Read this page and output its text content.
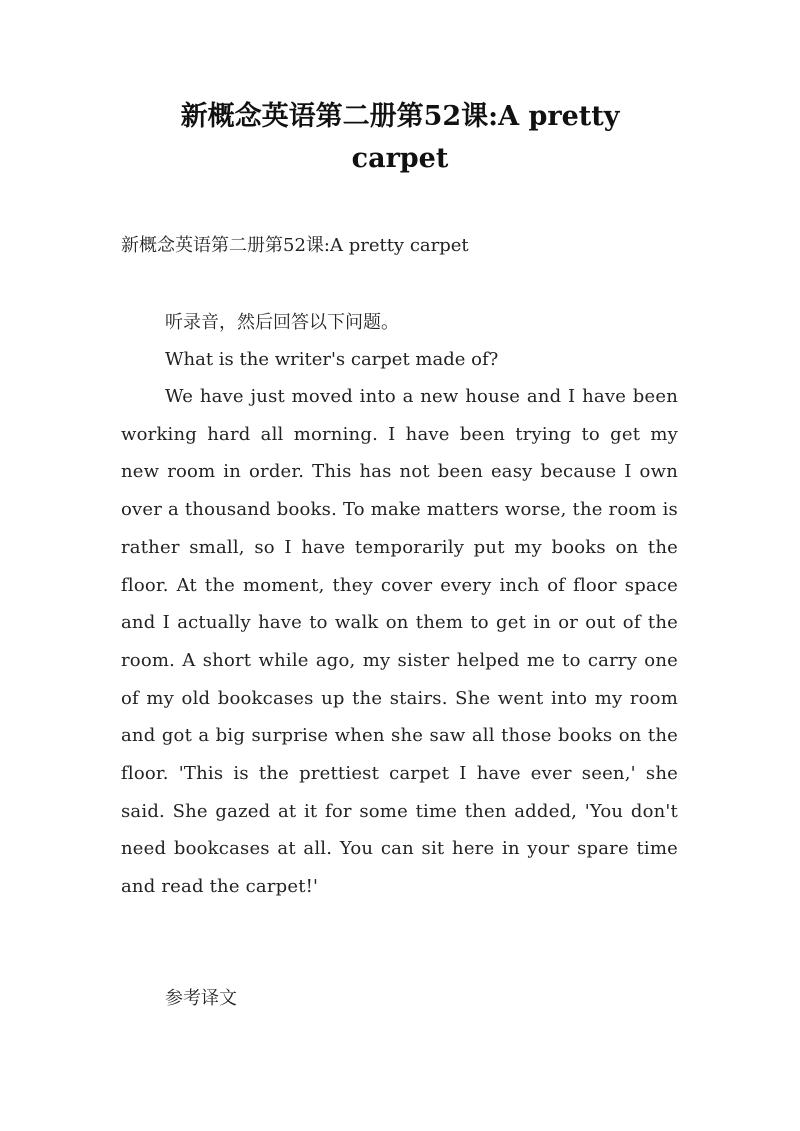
新概念英语第二册第52课:A pretty carpet

新概念英语第二册第52课:A pretty carpet

听录音，然后回答以下问题。

What is the writer's carpet made of?

We have just moved into a new house and I have been working hard all morning. I have been trying to get my new room in order. This has not been easy because I own over a thousand books. To make matters worse, the room is rather small, so I have temporarily put my books on the floor. At the moment, they cover every inch of floor space and I actually have to walk on them to get in or out of the room. A short while ago, my sister helped me to carry one of my old bookcases up the stairs. She went into my room and got a big surprise when she saw all those books on the floor. 'This is the prettiest carpet I have ever seen,' she said. She gazed at it for some time then added, 'You don't need bookcases at all. You can sit here in your spare time and read the carpet!'

参考译文
